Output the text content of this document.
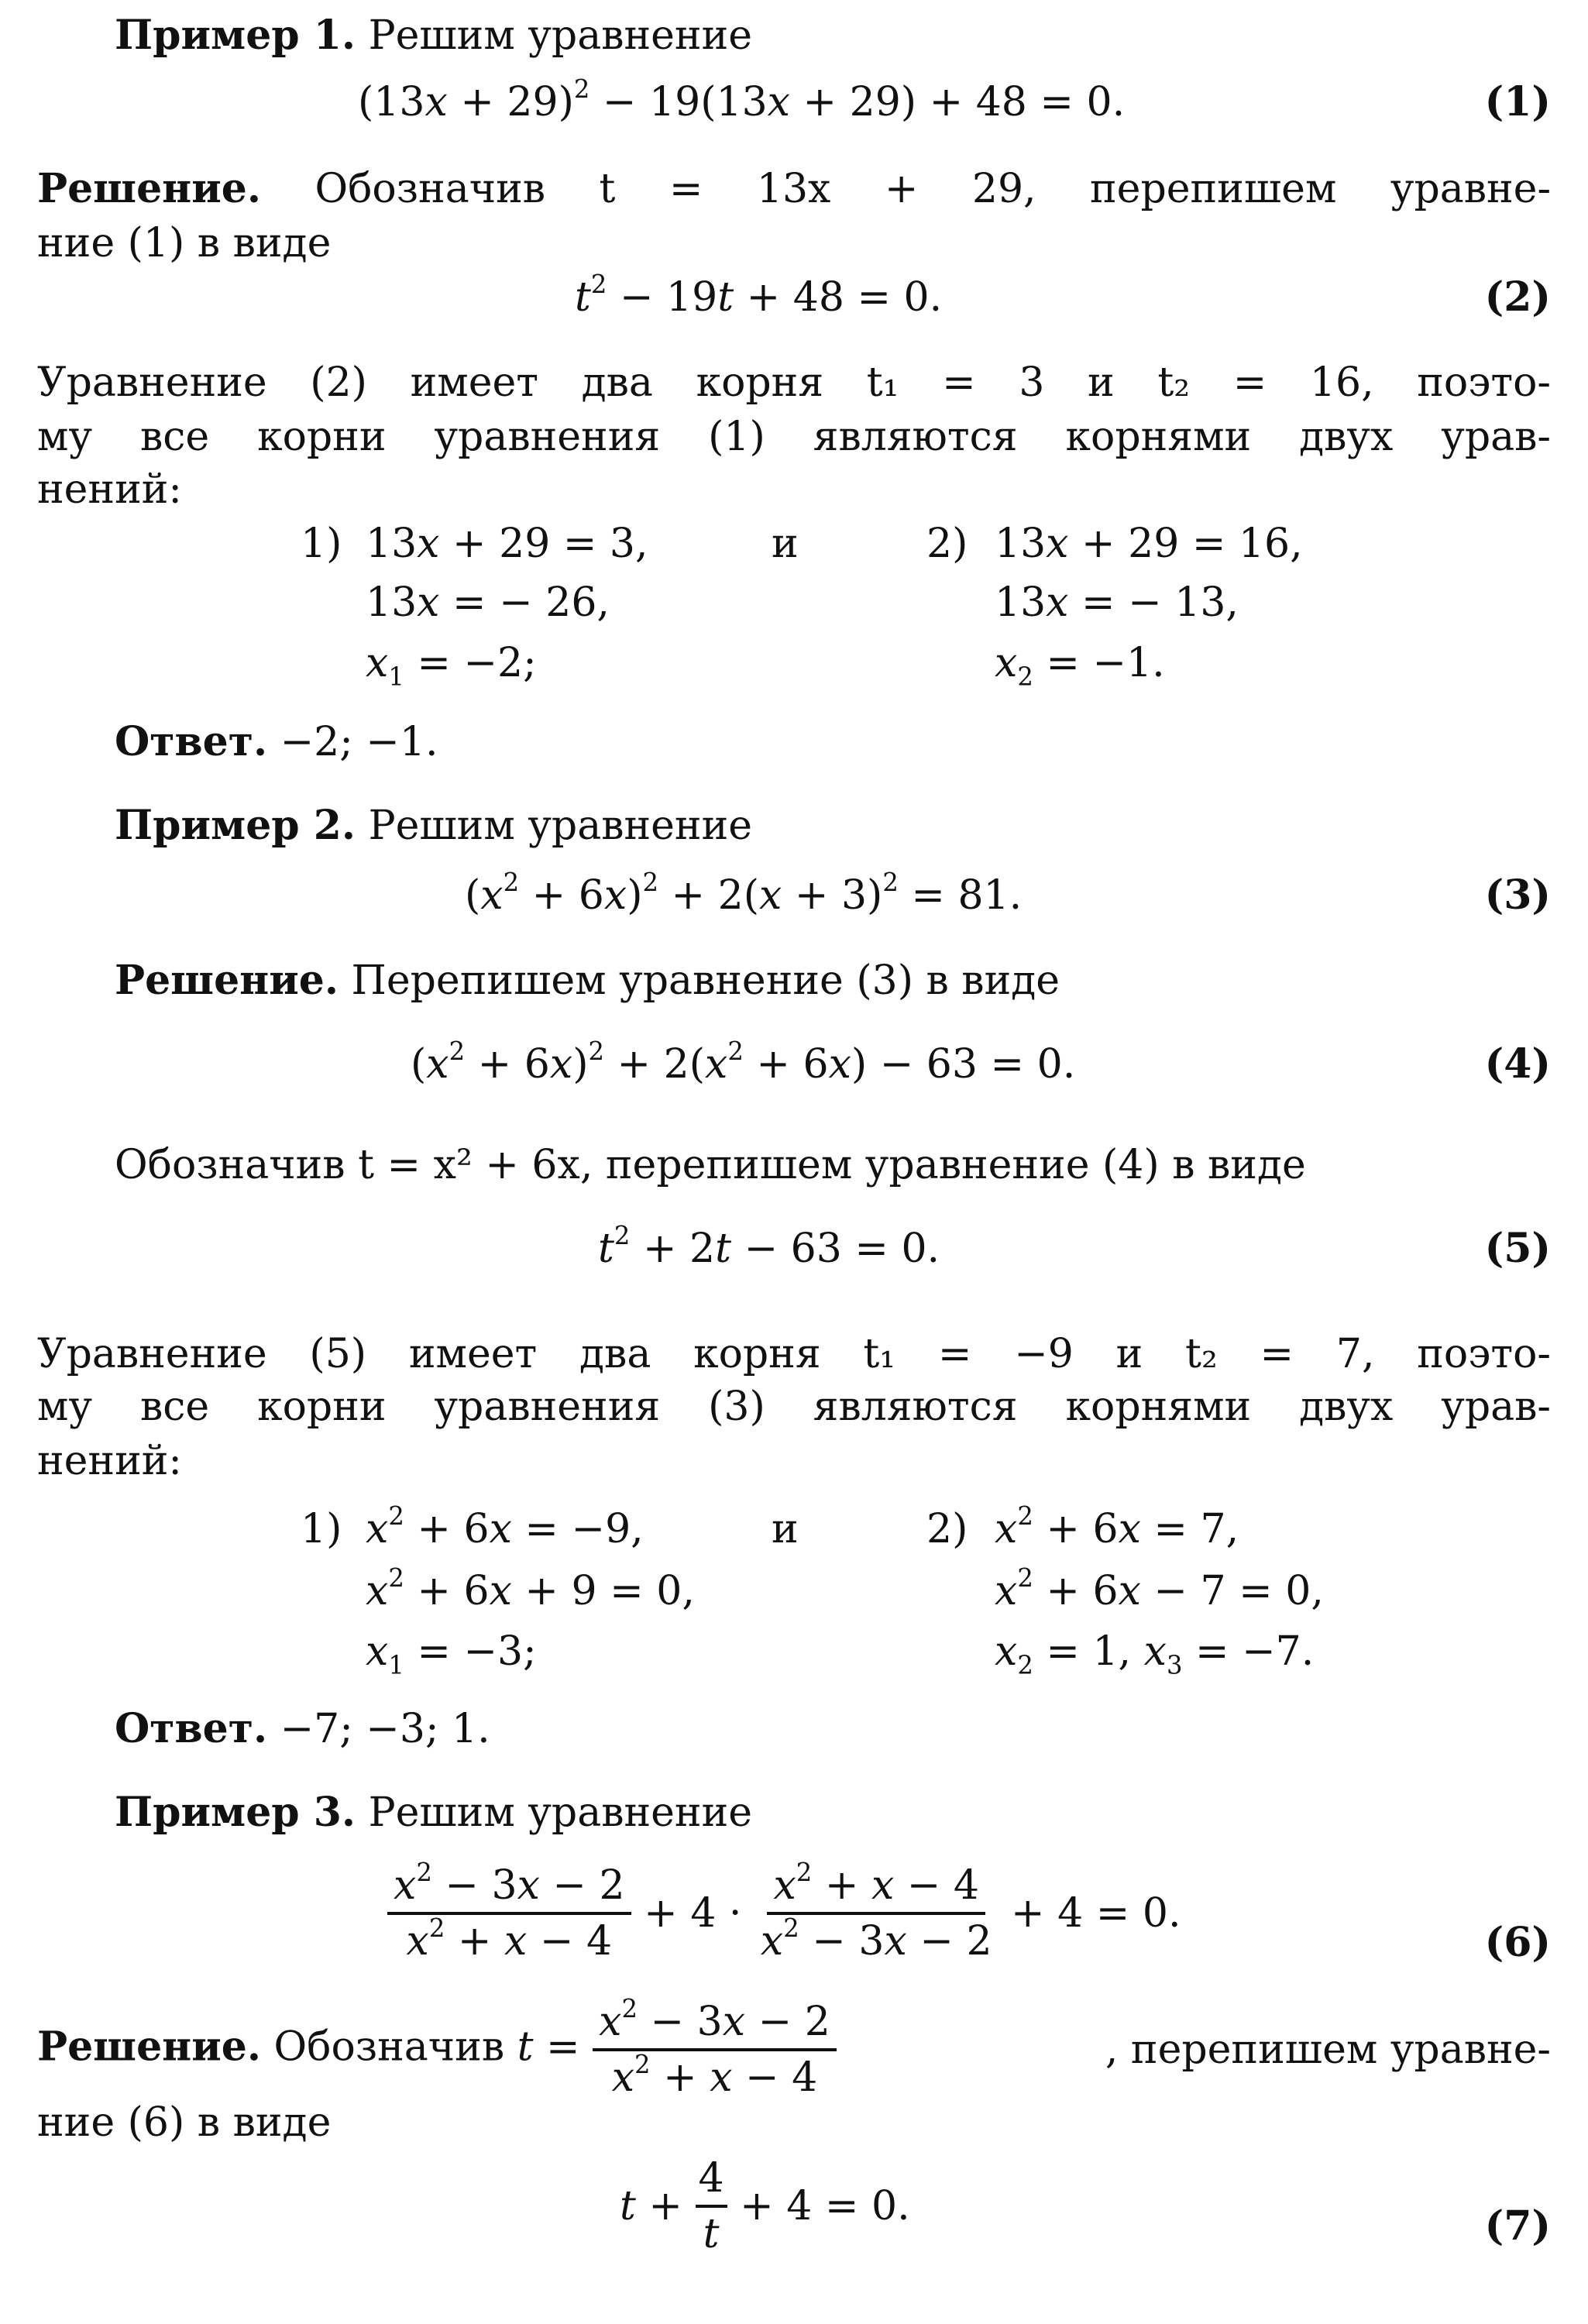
Пример 1. Решим уравнение
$(13x + 29)^2 - 19(13x + 29) + 48 = 0$.	(1)
Решение. Обозначив t = 13x + 29, перепишем уравне-
ние (1) в виде
$t^2 - 19t + 48 = 0$.	(2)
Уравнение (2) имеет два корня t₁ = 3 и t₂ = 16, поэто-
му все корни уравнения (1) являются корнями двух урав-
нений:
1) 13x + 29 = 3,	и	2) 13x + 29 = 16,
13x = − 26,	13x = − 13,
$x_1 = -2$;	$x_2 = -1$.
Ответ. −2; −1.
Пример 2. Решим уравнение
$(x^2 + 6x)^2 + 2(x + 3)^2 = 81$.	(3)
Решение. Перепишем уравнение (3) в виде
$(x^2 + 6x)^2 + 2(x^2 + 6x) - 63 = 0$.	(4)
Обозначив t = x² + 6x, перепишем уравнение (4) в виде
$t^2 + 2t - 63 = 0$.	(5)
Уравнение (5) имеет два корня t₁ = −9 и t₂ = 7, поэто-
му все корни уравнения (3) являются корнями двух урав-
нений:
1) $x^2 + 6x = -9$,	и	2) $x^2 + 6x = 7$,
$x^2 + 6x + 9 = 0$,	$x^2 + 6x - 7 = 0$,
$x_1 = -3$;	$x_2 = 1$, $x_3 = -7$.
Ответ. −7; −3; 1.
Пример 3. Решим уравнение
$\frac{x^2 - 3x - 2}{x^2 + x - 4} + 4 \cdot \frac{x^2 + x - 4}{x^2 - 3x - 2} + 4 = 0$.
(6)
Решение. Обозначив $t = \frac{x^2 - 3x - 2}{x^2 + x - 4}$	, перепишем уравне-
ние (6) в виде
$t + \frac{4}{t} + 4 = 0$.	(7)
